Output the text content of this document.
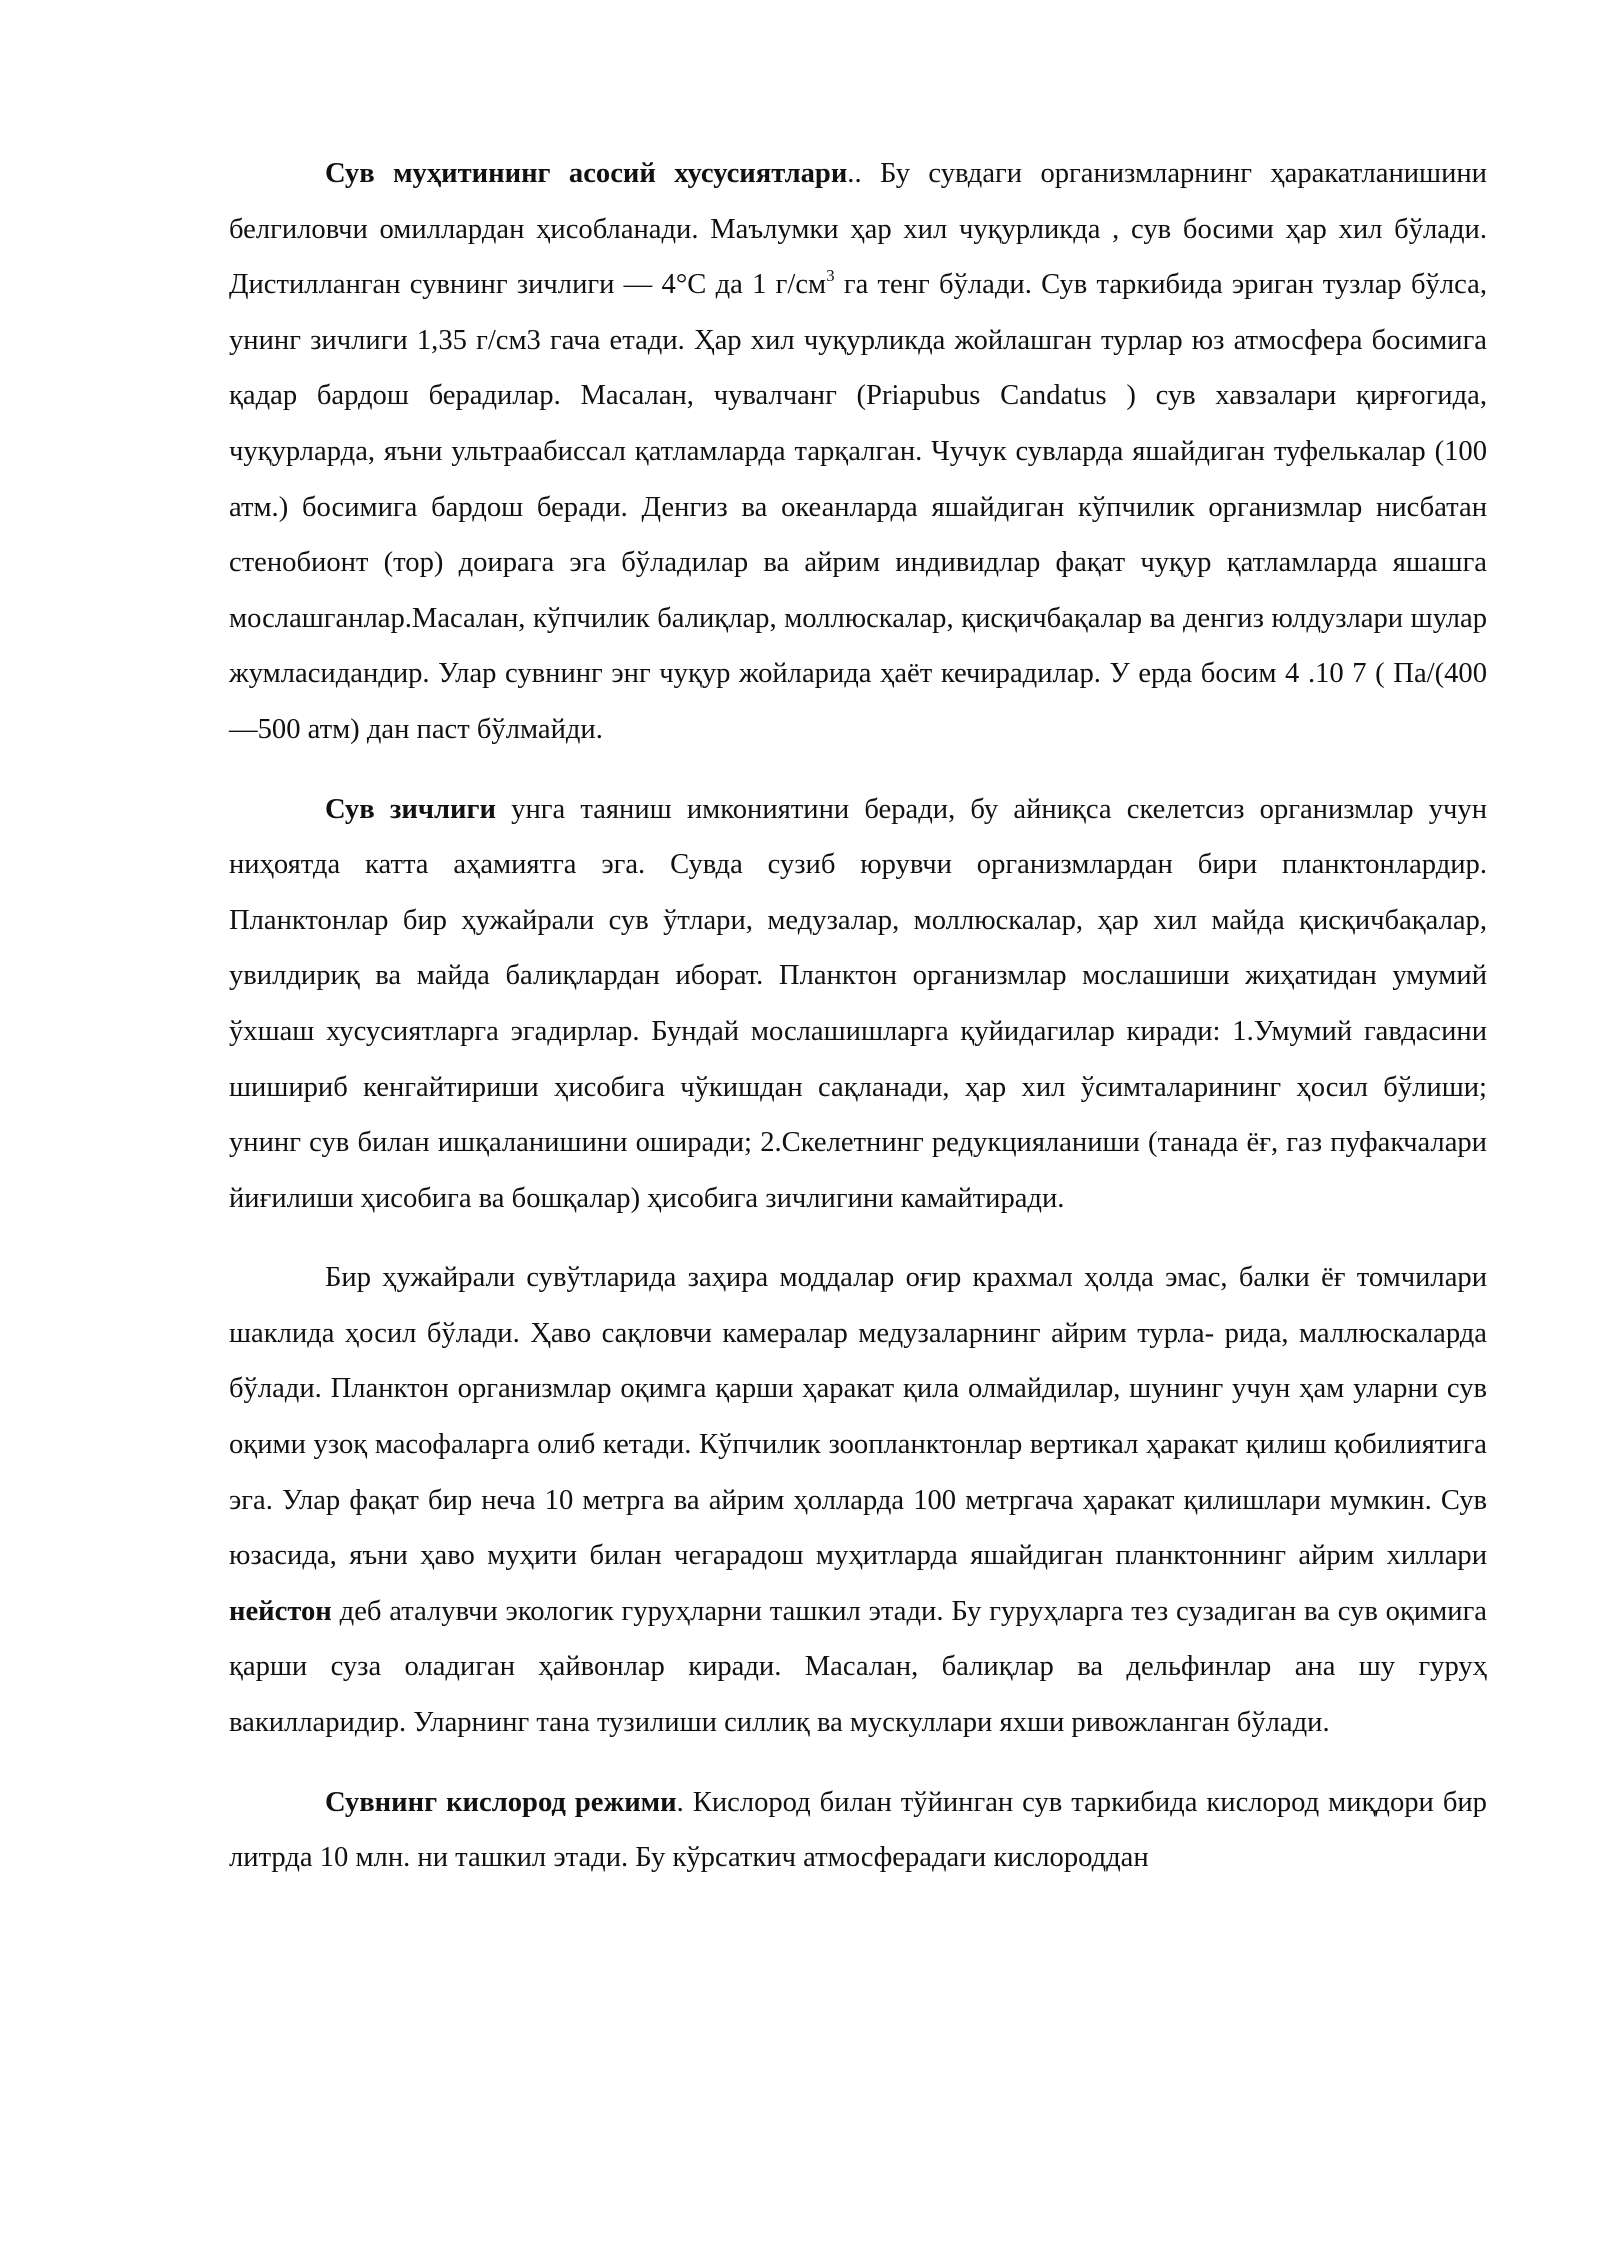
Сув муҳитининг асосий хусусиятлари.. Бу сувдаги организмларнинг ҳаракатланишини белгиловчи омиллардан ҳисобланади. Маълумки ҳар хил чуқурликда , сув босими ҳар хил бўлади. Дистилланган сувнинг зичлиги — 4°С да 1 $г/см^3$ га тенг бўлади. Сув таркибида эриган тузлар бўлса, унинг зичлиги 1,35 г/см3 гача етади. Ҳар хил чуқурликда жойлашган турлар юз атмосфера босимига қадар бардош берадилар. Масалан, чувалчанг (Priapubus Candatus ) сув хавзалари қирғогида, чуқурларда, яъни ультраабиссал қатламларда тарқалган. Чучук сувларда яшайдиган туфелькалар (100 атм.) босимига бардош беради. Денгиз ва океанларда яшайдиган кўпчилик организмлар нисбатан стенобионт (тор) доирага эга бўладилар ва айрим индивидлар фақат чуқур қатламларда яшашга мослашганлар.Масалан, кўпчилик балиқлар, моллюскалар, қисқичбақалар ва денгиз юлдузлари шулар жумласидандир. Улар сувнинг энг чуқур жойларида ҳаёт кечирадилар. У ерда босим 4 .10 7 ( Па/(400—500 атм) дан паст бўлмайди.

Сув зичлиги унга таяниш имкониятини беради, бу айниқса скелетсиз организмлар учун ниҳоятда катта аҳамиятга эга. Сувда сузиб юрувчи организмлардан бири планктонлардир. Планктонлар бир ҳужайрали сув ўтлари, медузалар, моллюскалар, ҳар хил майда қисқичбақалар, увилдириқ ва майда балиқлардан иборат. Планктон организмлар мослашиши жиҳатидан умумий ўхшаш хусусиятларга эгадирлар. Бундай мослашишларга қуйидагилар киради: 1.Умумий гавдасини шишириб кенгайтириши ҳисобига чўкишдан сақланади, ҳар хил ўсимталарининг ҳосил бўлиши; унинг сув билан ишқаланишини оширади; 2.Скелетнинг редукцияланиши (танада ёғ, газ пуфакчалари йиғилиши ҳисобига ва бошқалар) ҳисобига зичлигини камайтиради.

Бир ҳужайрали сувўтларида заҳира моддалар оғир крахмал ҳолда эмас, балки ёғ томчилари шаклида ҳосил бўлади. Ҳаво сақловчи камералар медузаларнинг айрим турла- рида, маллюскаларда бўлади. Планктон организмлар оқимга қарши ҳаракат қила олмайдилар, шунинг учун ҳам уларни сув оқими узоқ масофаларга олиб кетади. Кўпчилик зоопланктонлар вертикал ҳаракат қилиш қобилиятига эга. Улар фақат бир неча 10 метрга ва айрим ҳолларда 100 метргача ҳаракат қилишлари мумкин. Сув юзасида, яъни ҳаво муҳити билан чегарадош муҳитларда яшайдиган планктоннинг айрим хиллари нейстон деб аталувчи экологик гуруҳларни ташкил этади. Бу гуруҳларга тез сузадиган ва сув оқимига қарши суза оладиган ҳайвонлар киради. Масалан, балиқлар ва дельфинлар ана шу гуруҳ вакилларидир. Уларнинг тана тузилиши силлиқ ва мускуллари яхши ривожланган бўлади.

Сувнинг кислород режими. Кислород билан тўйинган сув таркибида кислород миқдори бир литрда 10 млн. ни ташкил этади. Бу кўрсаткич атмосферадаги кислороддан
